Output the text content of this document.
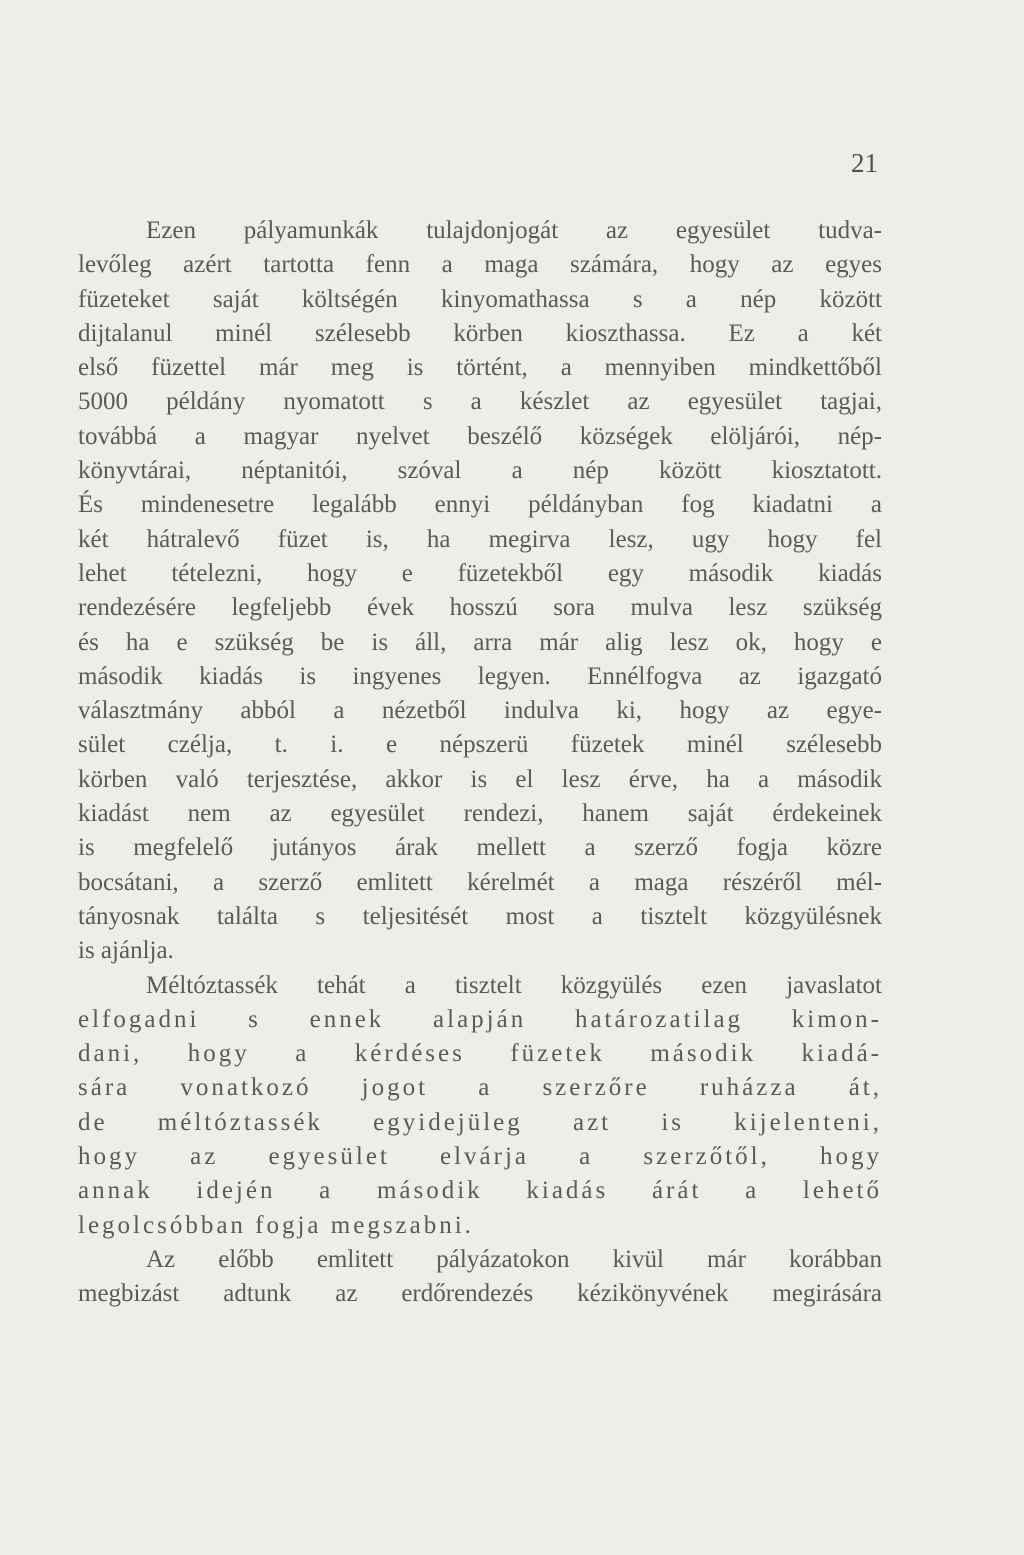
21
Ezen pályamunkák tulajdonjogát az egyesület tudva-
levőleg azért tartotta fenn a maga számára, hogy az egyes
füzeteket saját költségén kinyomathassa s a nép között
dijtalanul minél szélesebb körben kioszthassa. Ez a két
első füzettel már meg is történt, a mennyiben mindkettőből
5000 példány nyomatott s a készlet az egyesület tagjai,
továbbá a magyar nyelvet beszélő községek elöljárói, nép-
könyvtárai, néptanitói, szóval a nép között kiosztatott.
És mindenesetre legalább ennyi példányban fog kiadatni a
két hátralevő füzet is, ha megirva lesz, ugy hogy fel
lehet tételezni, hogy e füzetekből egy második kiadás
rendezésére legfeljebb évek hosszú sora mulva lesz szükség
és ha e szükség be is áll, arra már alig lesz ok, hogy e
második kiadás is ingyenes legyen. Ennélfogva az igazgató
választmány abból a nézetből indulva ki, hogy az egye-
sület czélja, t. i. e népszerü füzetek minél szélesebb
körben való terjesztése, akkor is el lesz érve, ha a második
kiadást nem az egyesület rendezi, hanem saját érdekeinek
is megfelelő jutányos árak mellett a szerző fogja közre
bocsátani, a szerző emlitett kérelmét a maga részéről mél-
tányosnak találta s teljesitését most a tisztelt közgyülésnek
is ajánlja.
Méltóztassék tehát a tisztelt közgyülés ezen javaslatot
elfogadni s ennek alapján határozatilag kimon-
dani, hogy a kérdéses füzetek második kiadá-
sára vonatkozó jogot a szerzőre ruházza át,
de méltóztassék egyidejüleg azt is kijelenteni,
hogy az egyesület elvárja a szerzőtől, hogy
annak idején a második kiadás árát a lehető
legolcsóbban fogja megszabni.
Az előbb emlitett pályázatokon kivül már korábban
megbizást adtunk az erdőrendezés kézikönyvének megirására
